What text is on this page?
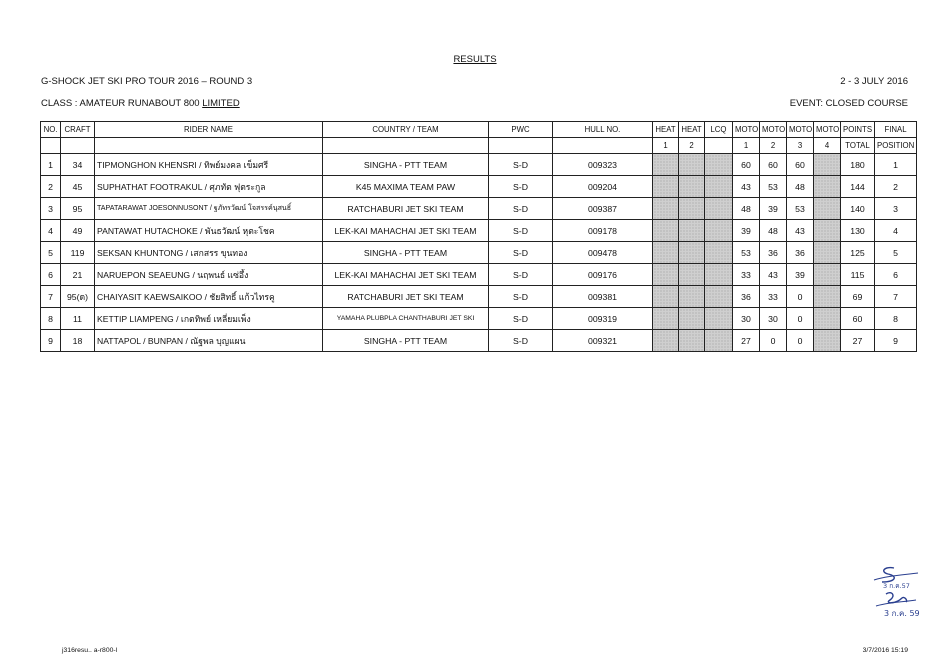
RESULTS
G-SHOCK JET SKI PRO TOUR 2016 – ROUND 3	2 - 3 JULY 2016
CLASS : AMATEUR RUNABOUT 800 LIMITED	EVENT: CLOSED COURSE
NO.	CRAFT	RIDER NAME	COUNTRY / TEAM	PWC	HULL NO.	HEAT	HEAT	LCQ	MOTO	MOTO	MOTO	MOTO	POINTS	FINAL
						1	2		1	2	3	4	TOTAL	POSITION
1	34	TIPMONGHON KHENSRI / ทิพย์มงคล เข็มศรี	SINGHA - PTT TEAM	S-D	009323				60	60	60		180	1
2	45	SUPHATHAT FOOTRAKUL / ศุภทัต ฟุตระกูล	K45 MAXIMA TEAM PAW	S-D	009204				43	53	48		144	2
3	95	TAPATARAWAT JOESONNUSONT / ฐภัทรวัฒน์ โจสรรค์นุสนธิ์	RATCHABURI JET SKI TEAM	S-D	009387				48	39	53		140	3
4	49	PANTAWAT HUTACHOKE / พันธวัฒน์ หุตะโชค	LEK-KAI MAHACHAI JET SKI TEAM	S-D	009178				39	48	43		130	4
5	119	SEKSAN KHUNTONG / เสกสรร ขุนทอง	SINGHA - PTT TEAM	S-D	009478				53	36	36		125	5
6	21	NARUEPON SEAEUNG / นฤพนธ์ แซ่อึ้ง	LEK-KAI MAHACHAI JET SKI TEAM	S-D	009176				33	43	39		115	6
7	95(ด)	CHAIYASIT KAEWSAIKOO / ชัยสิทธิ์ แก้วไทรคู	RATCHABURI JET SKI TEAM	S-D	009381				36	33	0		69	7
8	11	KETTIP LIAMPENG / เกตทิพย์ เหลี่ยมเพ็ง	YAMAHA PLUBPLA CHANTHABURI JET SKI	S-D	009319				30	30	0		60	8
9	18	NATTAPOL / BUNPAN / ณัฐพล บุญแผน	SINGHA - PTT TEAM	S-D	009321				27	0	0		27	9
3 ก.ค.57
3 ก.ค. 59
j316resu.. a-r800-l	3/7/2016 15:19
